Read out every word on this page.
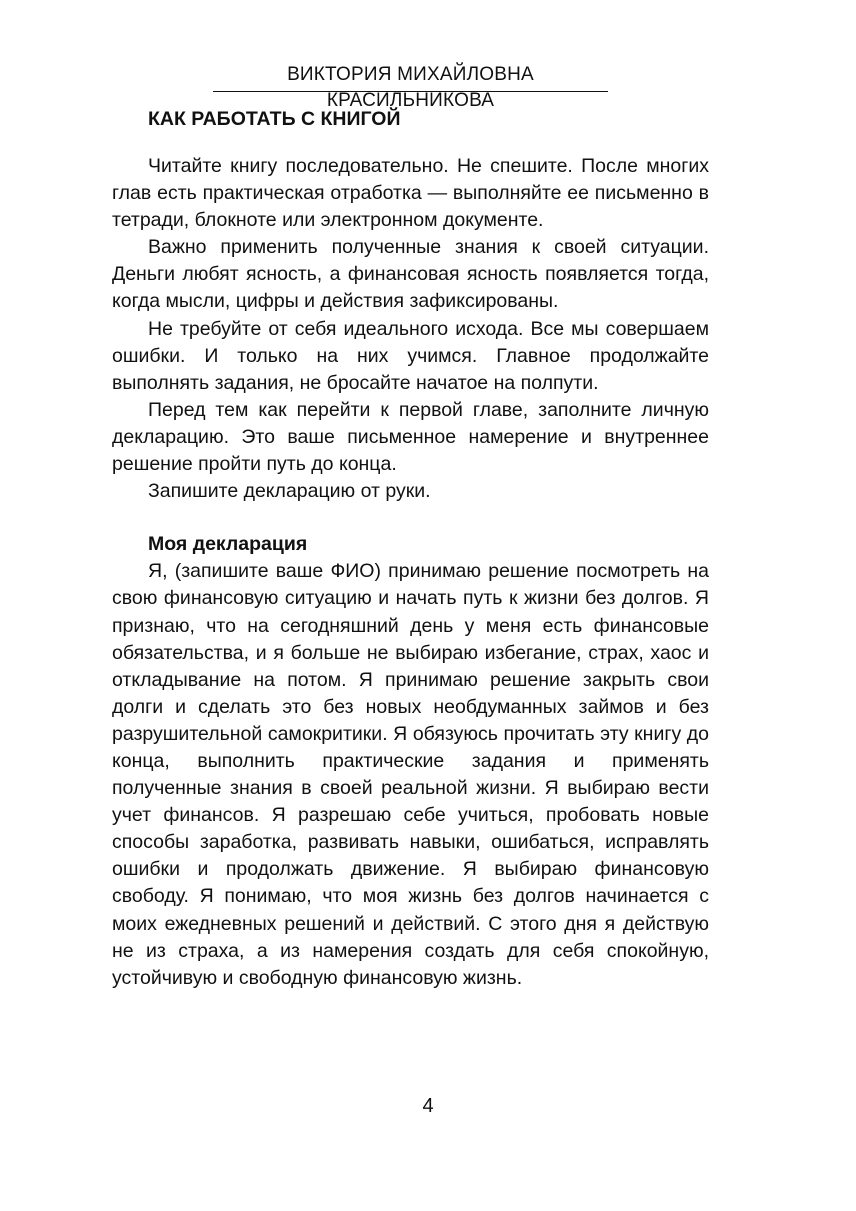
ВИКТОРИЯ МИХАЙЛОВНА КРАСИЛЬНИКОВА
КАК РАБОТАТЬ С КНИГОЙ

Читайте книгу последовательно. Не спешите. После многих глав есть практическая отработка — выполняйте ее письменно в тетради, блокноте или электронном документе.

Важно применить полученные знания к своей ситуации. Деньги любят ясность, а финансовая ясность появляется тогда, когда мысли, цифры и действия зафиксированы.

Не требуйте от себя идеального исхода. Все мы совершаем ошибки. И только на них учимся. Главное продолжайте выполнять задания, не бросайте начатое на полпути.

Перед тем как перейти к первой главе, заполните личную декларацию. Это ваше письменное намерение и внутреннее решение пройти путь до конца.

Запишите декларацию от руки.

Моя декларация

Я, (запишите ваше ФИО) принимаю решение посмотреть на свою финансовую ситуацию и начать путь к жизни без долгов. Я признаю, что на сегодняшний день у меня есть финансовые обязательства, и я больше не выбираю избегание, страх, хаос и откладывание на потом. Я принимаю решение закрыть свои долги и сделать это без новых необдуманных займов и без разрушительной самокритики. Я обязуюсь прочитать эту книгу до конца, выполнить практические задания и применять полученные знания в своей реальной жизни. Я выбираю вести учет финансов. Я разрешаю себе учиться, пробовать новые способы заработка, развивать навыки, ошибаться, исправлять ошибки и продолжать движение. Я выбираю финансовую свободу. Я понимаю, что моя жизнь без долгов начинается с моих ежедневных решений и действий. С этого дня я действую не из страха, а из намерения создать для себя спокойную, устойчивую и свободную финансовую жизнь.

4
